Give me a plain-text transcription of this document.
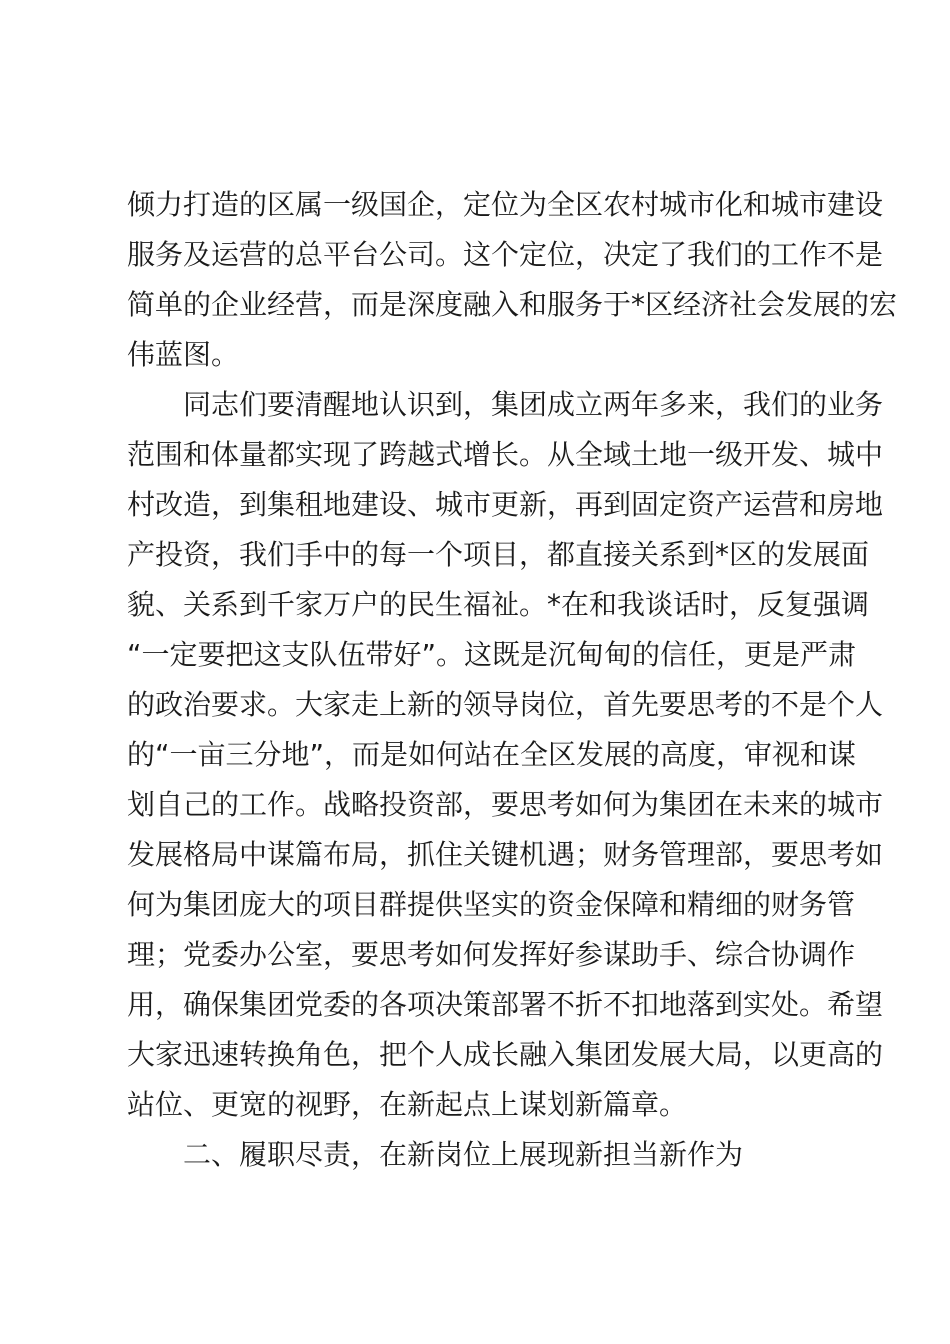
倾力打造的区属一级国企，定位为全区农村城市化和城市建设
服务及运营的总平台公司。这个定位，决定了我们的工作不是
简单的企业经营，而是深度融入和服务于*区经济社会发展的宏
伟蓝图。
同志们要清醒地认识到，集团成立两年多来，我们的业务
范围和体量都实现了跨越式增长。从全域土地一级开发、城中
村改造，到集租地建设、城市更新，再到固定资产运营和房地
产投资，我们手中的每一个项目，都直接关系到*区的发展面
貌、关系到千家万户的民生福祉。*在和我谈话时，反复强调
“一定要把这支队伍带好”。这既是沉甸甸的信任，更是严肃
的政治要求。大家走上新的领导岗位，首先要思考的不是个人
的“一亩三分地”，而是如何站在全区发展的高度，审视和谋
划自己的工作。战略投资部，要思考如何为集团在未来的城市
发展格局中谋篇布局，抓住关键机遇；财务管理部，要思考如
何为集团庞大的项目群提供坚实的资金保障和精细的财务管
理；党委办公室，要思考如何发挥好参谋助手、综合协调作
用，确保集团党委的各项决策部署不折不扣地落到实处。希望
大家迅速转换角色，把个人成长融入集团发展大局，以更高的
站位、更宽的视野，在新起点上谋划新篇章。
二、履职尽责，在新岗位上展现新担当新作为
